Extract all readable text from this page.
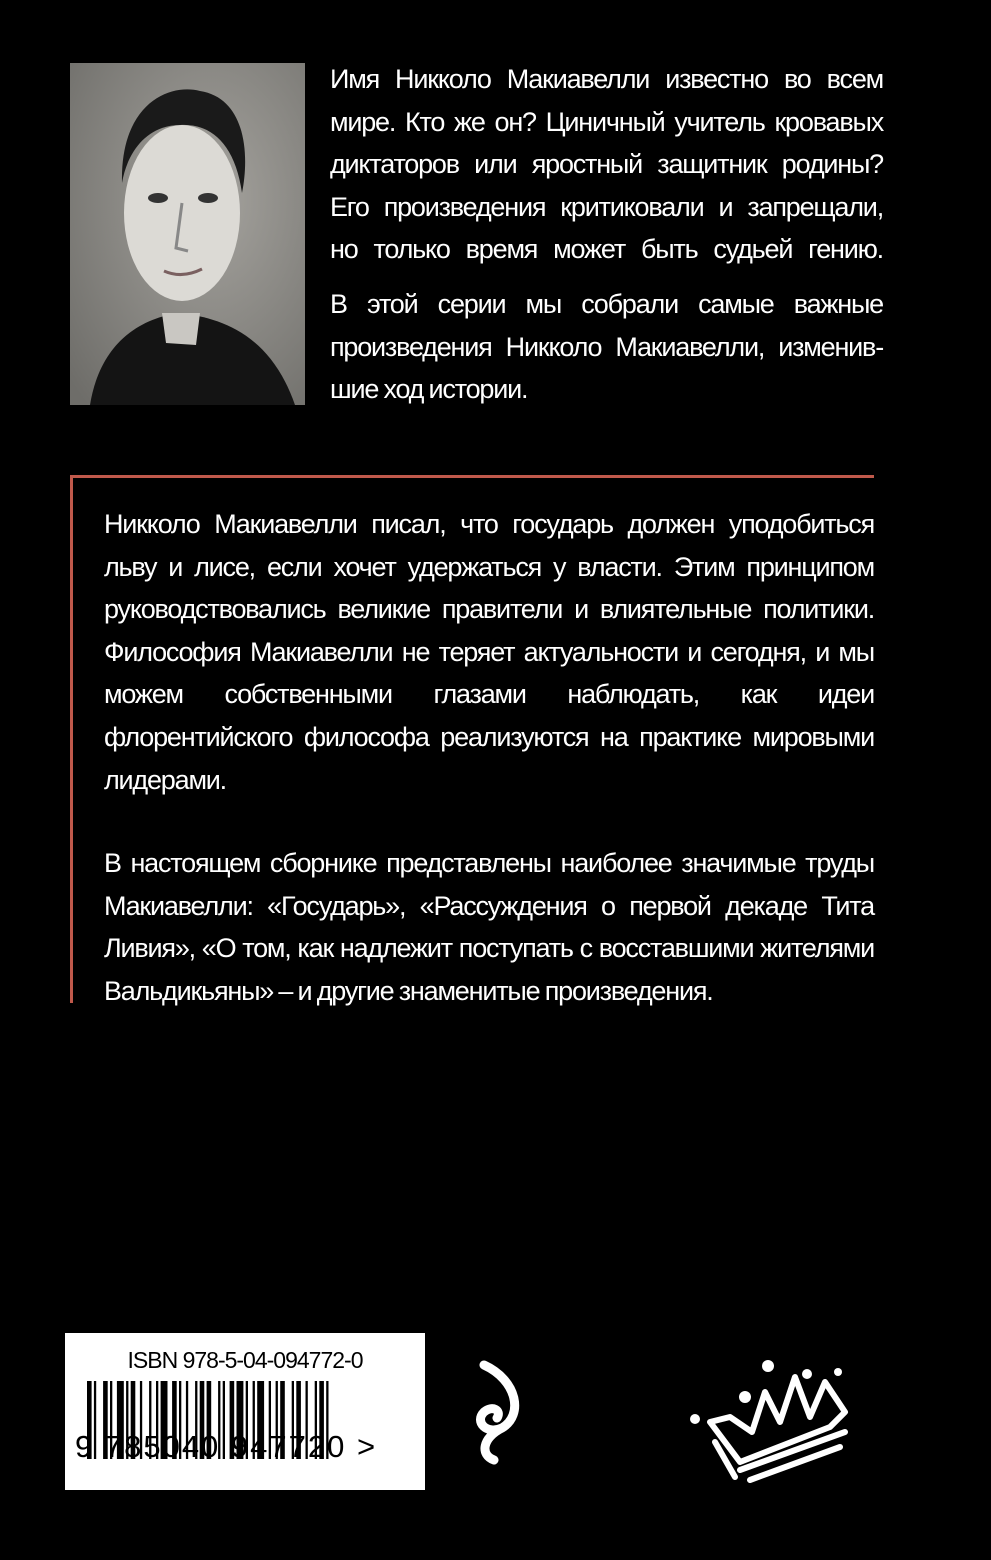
Имя Никколо Макиавелли известно во всем
мире. Кто же он? Циничный учитель кровавых
диктаторов или яростный защитник родины?
Его произведения критиковали и запрещали,
но только время может быть судьей гению.
В этой серии мы собрали самые важные
произведения Никколо Макиавелли, изменив-
шие ход истории.
Никколо Макиавелли писал, что государь должен уподобиться
льву и лисе, если хочет удержаться у власти. Этим принципом
руководствовались великие правители и влиятельные политики.
Философия Макиавелли не теряет актуальности и сегодня, и мы
можем собственными глазами наблюдать, как идеи
флорентийского философа реализуются на практике мировыми
лидерами.
В настоящем сборнике представлены наиболее значимые труды
Макиавелли: «Государь», «Рассуждения о первой декаде Тита
Ливия», «О том, как надлежит поступать с восставшими жителями
Вальдикьяны» – и другие знаменитые произведения.
ISBN 978-5-04-094772-0
9 785040 947720 >
